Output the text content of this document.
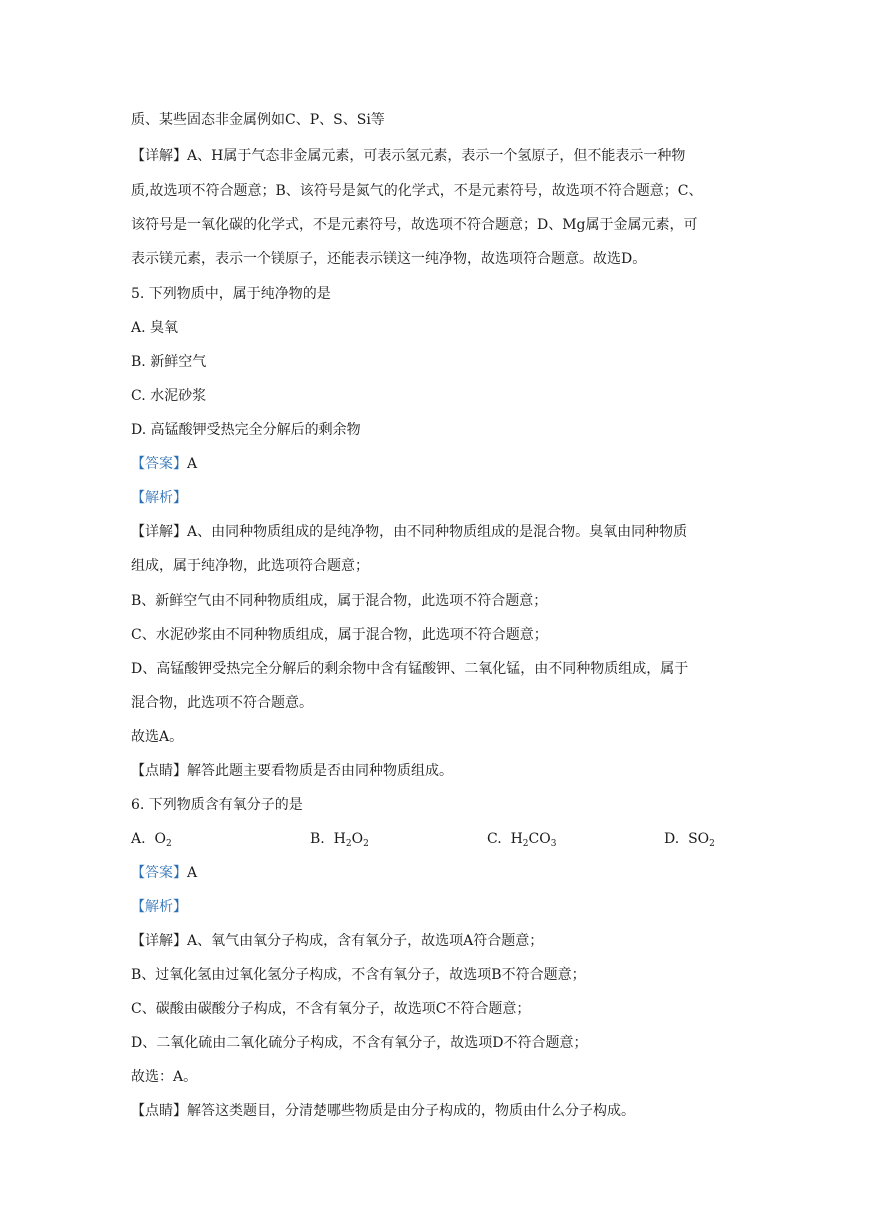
质、某些固态非金属例如C、P、S、Si等
【详解】A、H属于气态非金属元素，可表示氢元素，表示一个氢原子，但不能表示一种物
质,故选项不符合题意；B、该符号是氮气的化学式，不是元素符号，故选项不符合题意；C、
该符号是一氧化碳的化学式，不是元素符号，故选项不符合题意；D、Mg属于金属元素，可
表示镁元素，表示一个镁原子，还能表示镁这一纯净物，故选项符合题意。故选D。
5. 下列物质中，属于纯净物的是
A. 臭氧
B. 新鲜空气
C. 水泥砂浆
D. 高锰酸钾受热完全分解后的剩余物
【答案】A
【解析】
【详解】A、由同种物质组成的是纯净物，由不同种物质组成的是混合物。臭氧由同种物质
组成，属于纯净物，此选项符合题意；
B、新鲜空气由不同种物质组成，属于混合物，此选项不符合题意；
C、水泥砂浆由不同种物质组成，属于混合物，此选项不符合题意；
D、高锰酸钾受热完全分解后的剩余物中含有锰酸钾、二氧化锰，由不同种物质组成，属于
混合物，此选项不符合题意。
故选A。
【点睛】解答此题主要看物质是否由同种物质组成。
6. 下列物质含有氧分子的是
A. $O_2$	B. $H_2O_2$	C. $H_2CO_3$	D. $SO_2$
【答案】A
【解析】
【详解】A、氧气由氧分子构成，含有氧分子，故选项A符合题意；
B、过氧化氢由过氧化氢分子构成，不含有氧分子，故选项B不符合题意；
C、碳酸由碳酸分子构成，不含有氧分子，故选项C不符合题意；
D、二氧化硫由二氧化硫分子构成，不含有氧分子，故选项D不符合题意；
故选：A。
【点睛】解答这类题目，分清楚哪些物质是由分子构成的，物质由什么分子构成。
